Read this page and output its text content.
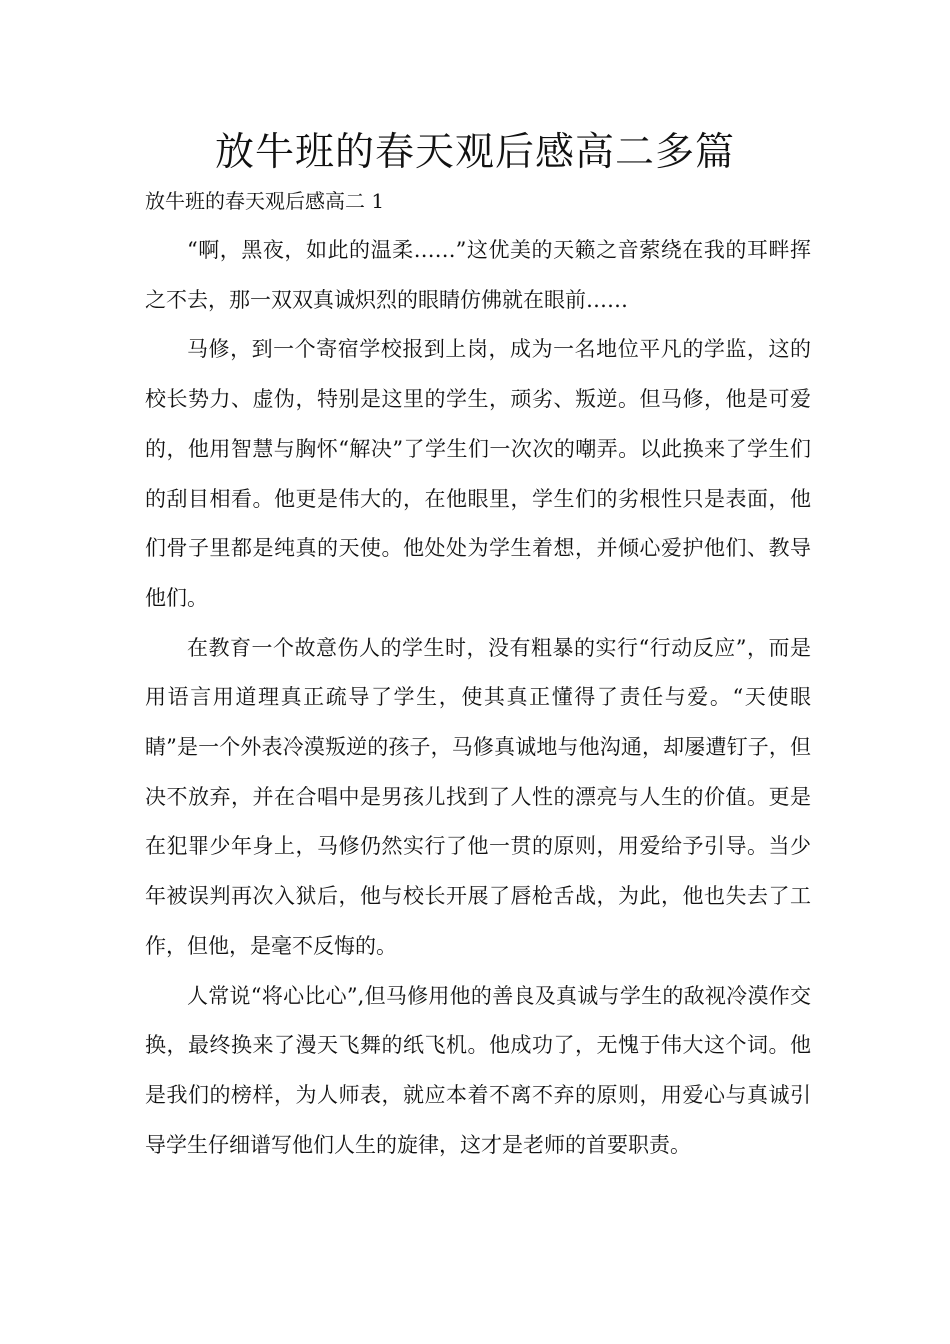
放牛班的春天观后感高二多篇
放牛班的春天观后感高二 1

“啊，黑夜，如此的温柔……”这优美的天籁之音萦绕在我的耳畔挥之不去，那一双双真诚炽烈的眼睛仿佛就在眼前……

马修，到一个寄宿学校报到上岗，成为一名地位平凡的学监，这的校长势力、虚伪，特别是这里的学生，顽劣、叛逆。但马修，他是可爱的，他用智慧与胸怀“解决”了学生们一次次的嘲弄。以此换来了学生们的刮目相看。他更是伟大的，在他眼里，学生们的劣根性只是表面，他们骨子里都是纯真的天使。他处处为学生着想，并倾心爱护他们、教导他们。

在教育一个故意伤人的学生时，没有粗暴的实行“行动反应”，而是用语言用道理真正疏导了学生，使其真正懂得了责任与爱。“天使眼睛”是一个外表冷漠叛逆的孩子，马修真诚地与他沟通，却屡遭钉子，但决不放弃，并在合唱中是男孩儿找到了人性的漂亮与人生的价值。更是在犯罪少年身上，马修仍然实行了他一贯的原则，用爱给予引导。当少年被误判再次入狱后，他与校长开展了唇枪舌战，为此，他也失去了工作，但他，是毫不反悔的。

人常说“将心比心”,但马修用他的善良及真诚与学生的敌视冷漠作交换，最终换来了漫天飞舞的纸飞机。他成功了，无愧于伟大这个词。他是我们的榜样，为人师表，就应本着不离不弃的原则，用爱心与真诚引导学生仔细谱写他们人生的旋律，这才是老师的首要职责。
